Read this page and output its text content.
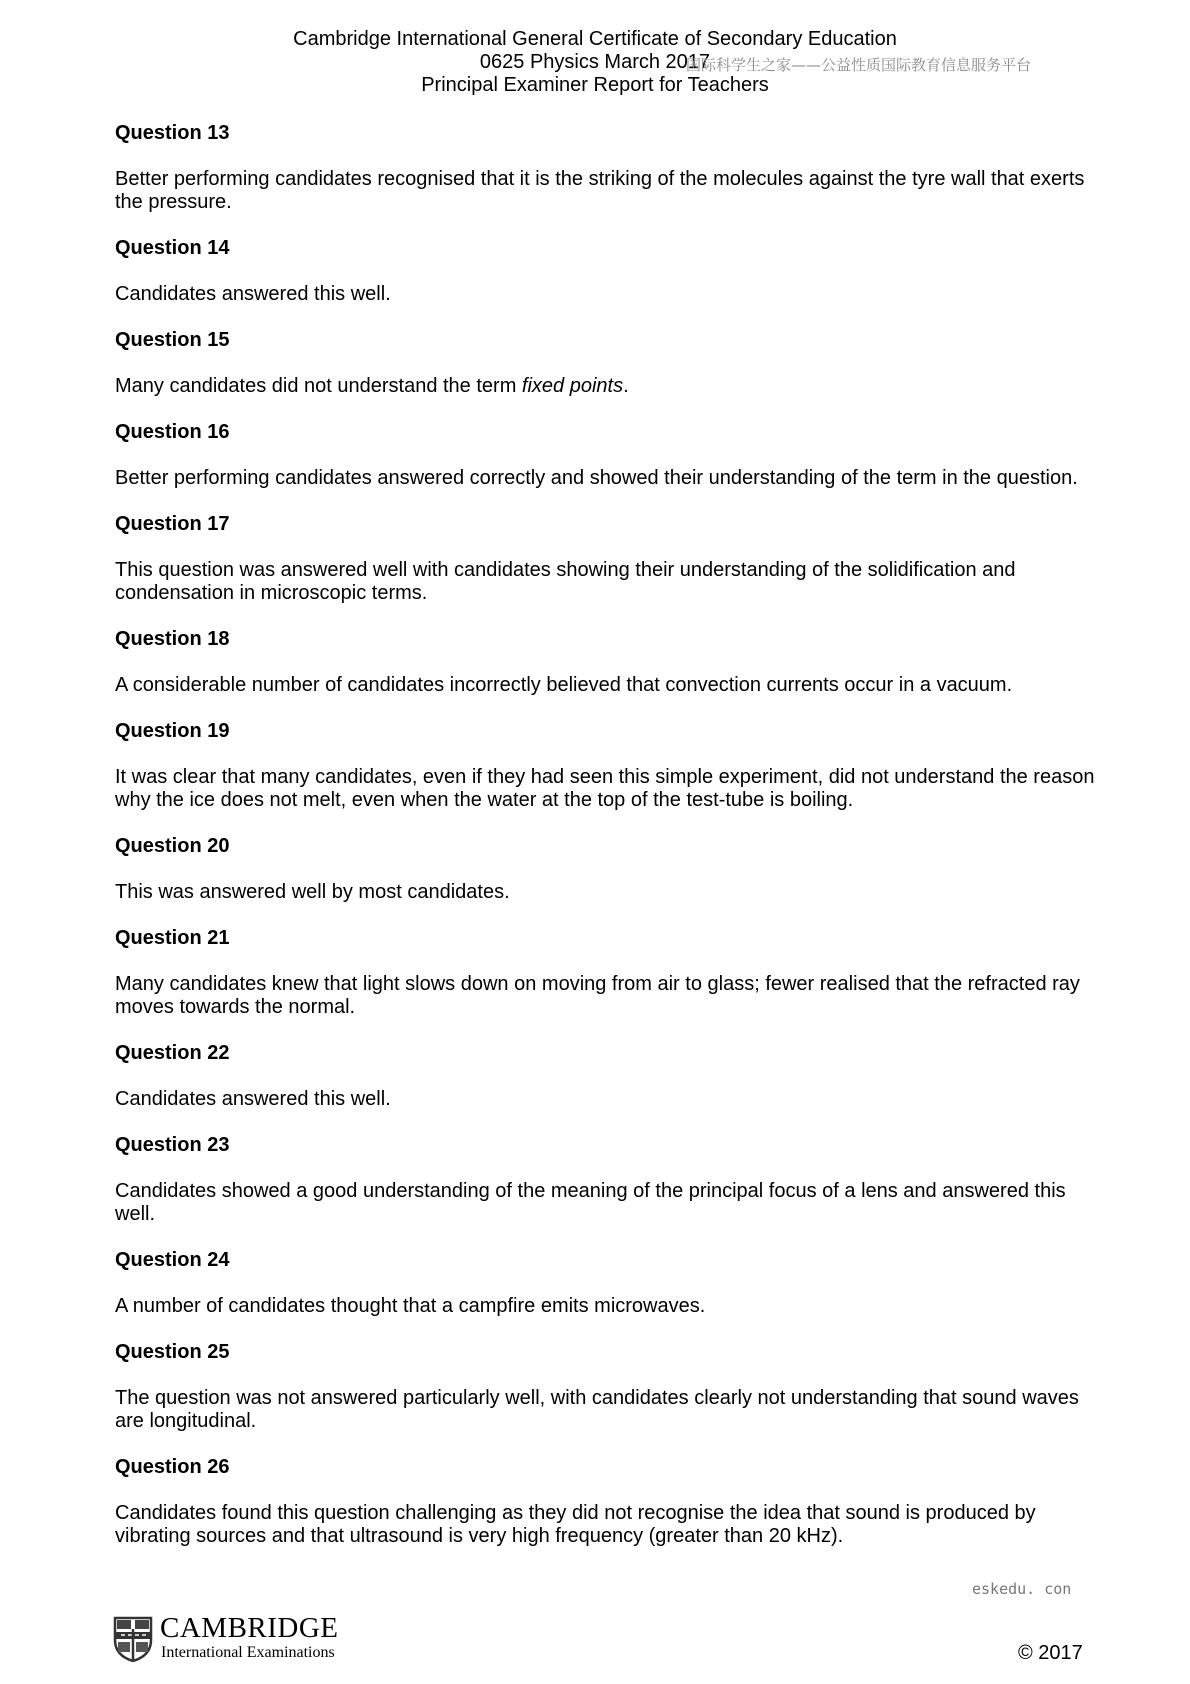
Cambridge International General Certificate of Secondary Education
0625 Physics March 2017
Principal Examiner Report for Teachers
国际科学生之家——公益性质国际教育信息服务平台
Question 13
Better performing candidates recognised that it is the striking of the molecules against the tyre wall that exerts the pressure.
Question 14
Candidates answered this well.
Question 15
Many candidates did not understand the term fixed points.
Question 16
Better performing candidates answered correctly and showed their understanding of the term in the question.
Question 17
This question was answered well with candidates showing their understanding of the solidification and condensation in microscopic terms.
Question 18
A considerable number of candidates incorrectly believed that convection currents occur in a vacuum.
Question 19
It was clear that many candidates, even if they had seen this simple experiment, did not understand the reason why the ice does not melt, even when the water at the top of the test-tube is boiling.
Question 20
This was answered well by most candidates.
Question 21
Many candidates knew that light slows down on moving from air to glass; fewer realised that the refracted ray moves towards the normal.
Question 22
Candidates answered this well.
Question 23
Candidates showed a good understanding of the meaning of the principal focus of a lens and answered this well.
Question 24
A number of candidates thought that a campfire emits microwaves.
Question 25
The question was not answered particularly well, with candidates clearly not understanding that sound waves are longitudinal.
Question 26
Candidates found this question challenging as they did not recognise the idea that sound is produced by vibrating sources and that ultrasound is very high frequency (greater than 20 kHz).
eskedu. con
CAMBRIDGE
International Examinations	© 2017
